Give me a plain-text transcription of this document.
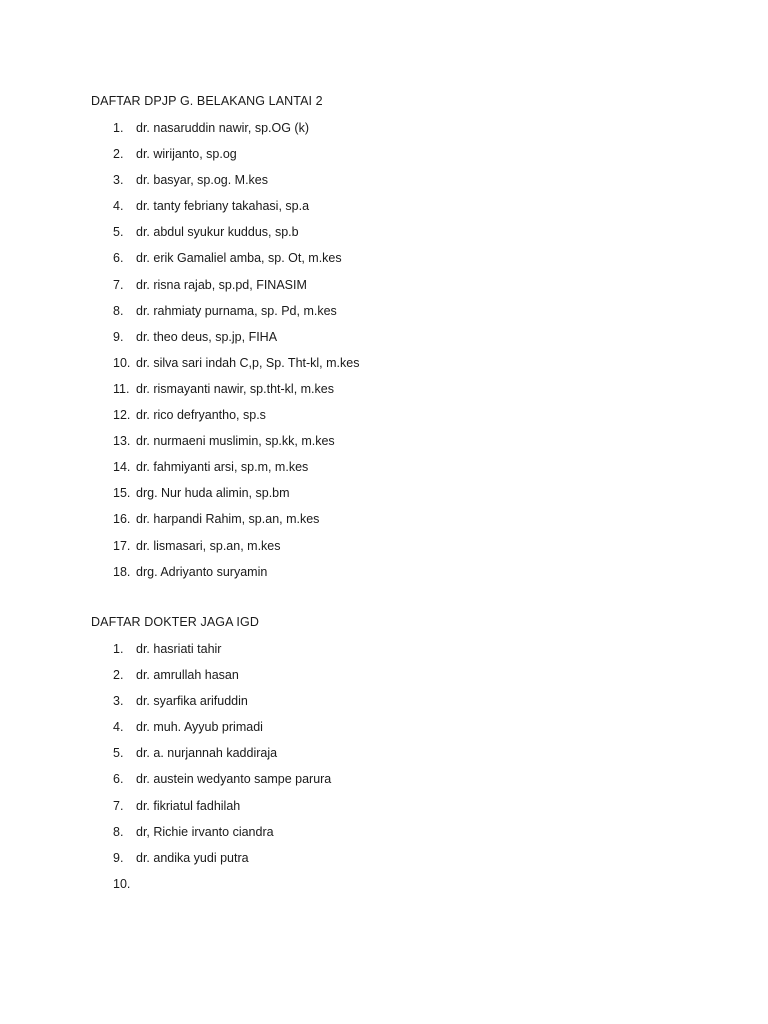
DAFTAR DPJP G. BELAKANG LANTAI 2

1.	dr. nasaruddin nawir, sp.OG (k)
2.	dr. wirijanto, sp.og
3.	dr. basyar, sp.og. M.kes
4.	dr. tanty febriany takahasi, sp.a
5.	dr. abdul syukur kuddus, sp.b
6.	dr. erik Gamaliel amba, sp. Ot, m.kes
7.	dr. risna rajab, sp.pd, FINASIM
8.	dr. rahmiaty purnama, sp. Pd, m.kes
9.	dr. theo deus, sp.jp, FIHA
10. dr. silva sari indah C,p, Sp. Tht-kl, m.kes
11. dr. rismayanti nawir, sp.tht-kl, m.kes
12. dr. rico defryantho, sp.s
13. dr. nurmaeni muslimin, sp.kk, m.kes
14. dr. fahmiyanti arsi, sp.m, m.kes
15. drg. Nur huda alimin, sp.bm
16. dr. harpandi Rahim, sp.an, m.kes
17. dr. lismasari, sp.an, m.kes
18. drg. Adriyanto suryamin

DAFTAR DOKTER JAGA IGD

1.	dr. hasriati tahir
2.	dr. amrullah hasan
3.	dr. syarfika arifuddin
4.	dr. muh. Ayyub primadi
5.	dr. a. nurjannah kaddiraja
6.	dr. austein wedyanto sampe parura
7.	dr. fikriatul fadhilah
8.	dr, Richie irvanto ciandra
9.	dr. andika yudi putra
10.
